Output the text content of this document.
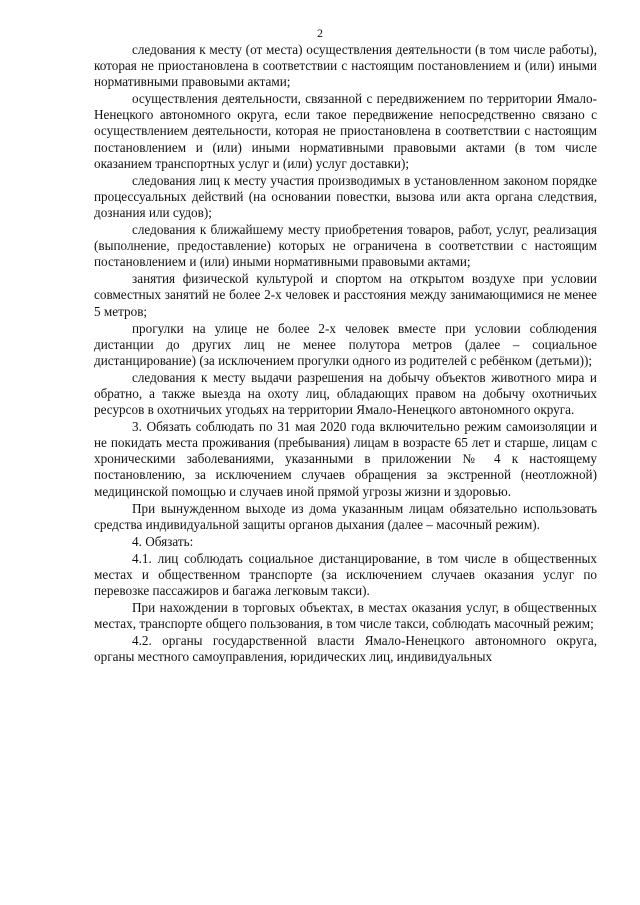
2

следования к месту (от места) осуществления деятельности (в том числе работы), которая не приостановлена в соответствии с настоящим постановлением и (или) иными нормативными правовыми актами;

осуществления деятельности, связанной с передвижением по территории Ямало-Ненецкого автономного округа, если такое передвижение непосредственно связано с осуществлением деятельности, которая не приостановлена в соответствии с настоящим постановлением и (или) иными нормативными правовыми актами (в том числе оказанием транспортных услуг и (или) услуг доставки);

следования лиц к месту участия производимых в установленном законом порядке процессуальных действий (на основании повестки, вызова или акта органа следствия, дознания или судов);

следования к ближайшему месту приобретения товаров, работ, услуг, реализация (выполнение, предоставление) которых не ограничена в соответствии с настоящим постановлением и (или) иными нормативными правовыми актами;

занятия физической культурой и спортом на открытом воздухе при условии совместных занятий не более 2-х человек и расстояния между занимающимися не менее 5 метров;

прогулки на улице не более 2-х человек вместе при условии соблюдения дистанции до других лиц не менее полутора метров (далее – социальное дистанцирование) (за исключением прогулки одного из родителей с ребёнком (детьми));

следования к месту выдачи разрешения на добычу объектов животного мира и обратно, а также выезда на охоту лиц, обладающих правом на добычу охотничьих ресурсов в охотничьих угодьях на территории Ямало-Ненецкого автономного округа.

3. Обязать соблюдать по 31 мая 2020 года включительно режим самоизоляции и не покидать места проживания (пребывания) лицам в возрасте 65 лет и старше, лицам с хроническими заболеваниями, указанными в приложении № 4 к настоящему постановлению, за исключением случаев обращения за экстренной (неотложной) медицинской помощью и случаев иной прямой угрозы жизни и здоровью.

При вынужденном выходе из дома указанным лицам обязательно использовать средства индивидуальной защиты органов дыхания (далее – масочный режим).

4. Обязать:

4.1. лиц соблюдать социальное дистанцирование, в том числе в общественных местах и общественном транспорте (за исключением случаев оказания услуг по перевозке пассажиров и багажа легковым такси).

При нахождении в торговых объектах, в местах оказания услуг, в общественных местах, транспорте общего пользования, в том числе такси, соблюдать масочный режим;

4.2. органы государственной власти Ямало-Ненецкого автономного округа, органы местного самоуправления, юридических лиц, индивидуальных
